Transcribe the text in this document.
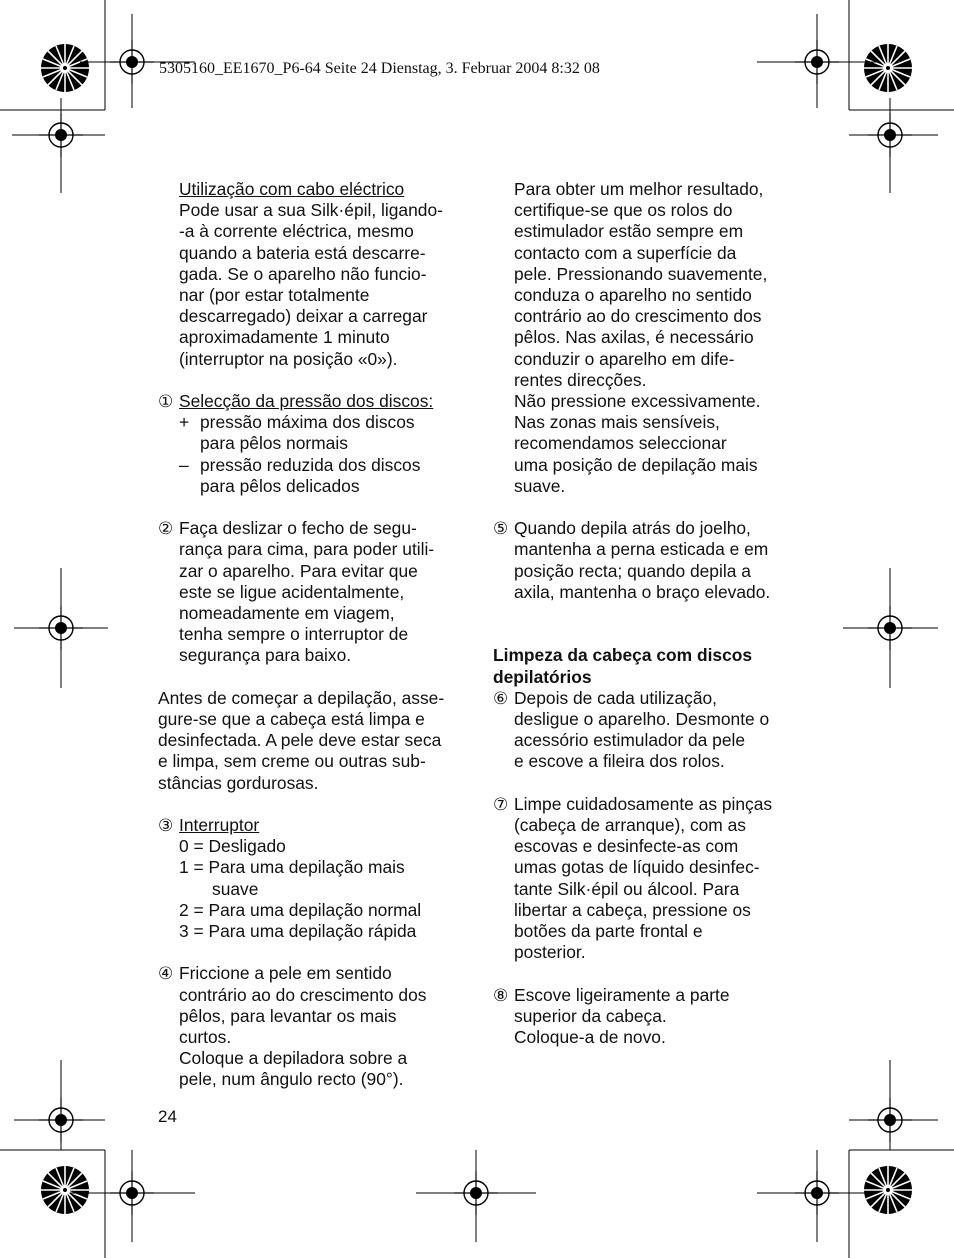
5305160_EE1670_P6-64 Seite 24 Dienstag, 3. Februar 2004 8:32 08
Utilização com cabo eléctrico
Pode usar a sua Silk·épil, ligando-
-a à corrente eléctrica, mesmo
quando a bateria está descarre-
gada. Se o aparelho não funcio-
nar (por estar totalmente
descarregado) deixar a carregar
aproximadamente 1 minuto
(interruptor na posição «0»).
① Selecção da pressão dos discos:
+ pressão máxima dos discos
para pêlos normais
– pressão reduzida dos discos
para pêlos delicados
② Faça deslizar o fecho de segu-
rança para cima, para poder utili-
zar o aparelho. Para evitar que
este se ligue acidentalmente,
nomeadamente em viagem,
tenha sempre o interruptor de
segurança para baixo.
Antes de começar a depilação, asse-
gure-se que a cabeça está limpa e
desinfectada. A pele deve estar seca
e limpa, sem creme ou outras sub-
stâncias gordurosas.
③ Interruptor
0 = Desligado
1 = Para uma depilação mais
suave
2 = Para uma depilação normal
3 = Para uma depilação rápida
④ Friccione a pele em sentido
contrário ao do crescimento dos
pêlos, para levantar os mais
curtos.
Coloque a depiladora sobre a
pele, num ângulo recto (90°).
Para obter um melhor resultado,
certifique-se que os rolos do
estimulador estão sempre em
contacto com a superfície da
pele. Pressionando suavemente,
conduza o aparelho no sentido
contrário ao do crescimento dos
pêlos. Nas axilas, é necessário
conduzir o aparelho em dife-
rentes direcções.
Não pressione excessivamente.
Nas zonas mais sensíveis,
recomendamos seleccionar
uma posição de depilação mais
suave.
⑤ Quando depila atrás do joelho,
mantenha a perna esticada e em
posição recta; quando depila a
axila, mantenha o braço elevado.
Limpeza da cabeça com discos
depilatórios
⑥ Depois de cada utilização,
desligue o aparelho. Desmonte o
acessório estimulador da pele
e escove a fileira dos rolos.
⑦ Limpe cuidadosamente as pinças
(cabeça de arranque), com as
escovas e desinfecte-as com
umas gotas de líquido desinfec-
tante Silk·épil ou álcool. Para
libertar a cabeça, pressione os
botões da parte frontal e
posterior.
⑧ Escove ligeiramente a parte
superior da cabeça.
Coloque-a de novo.
24
